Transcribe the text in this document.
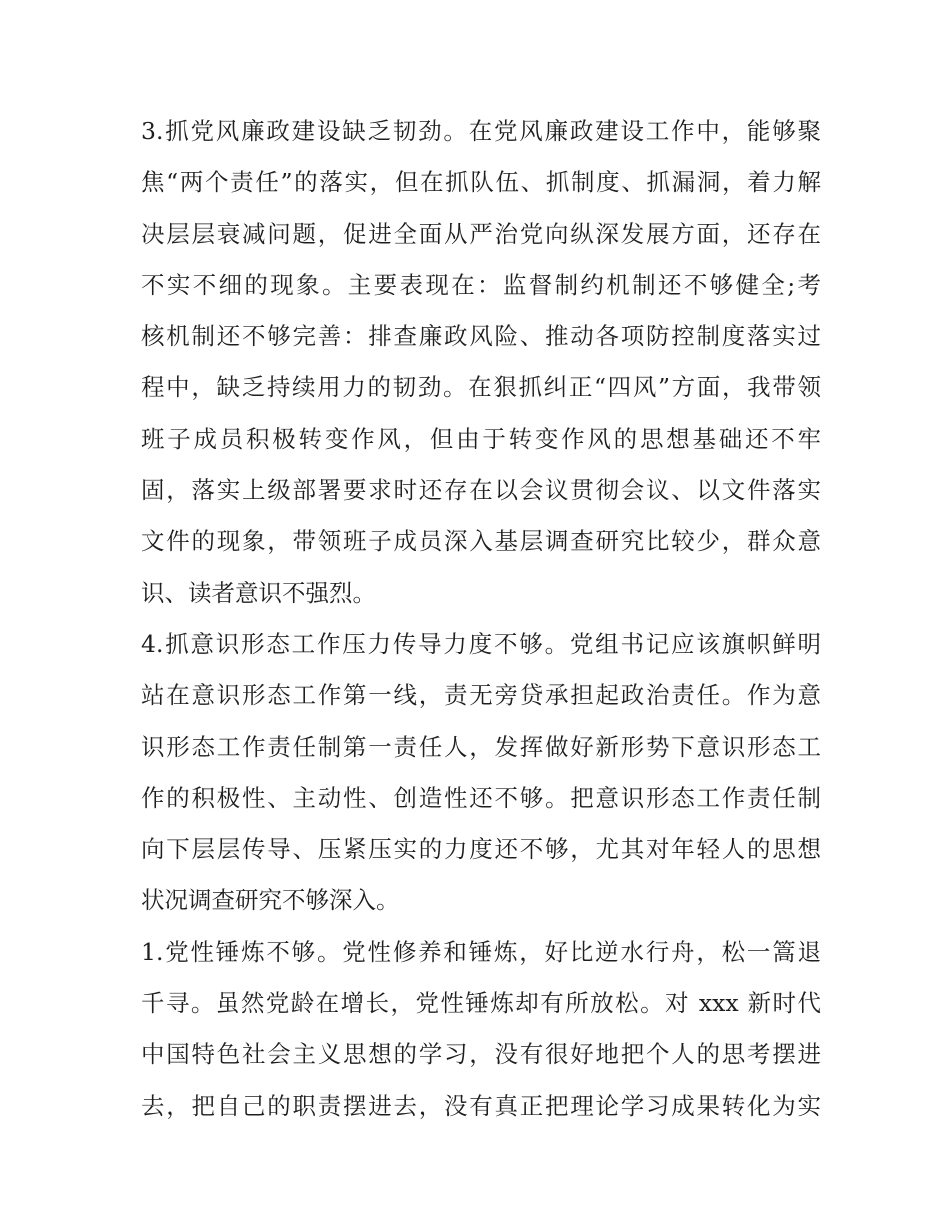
3.抓党风廉政建设缺乏韧劲。在党风廉政建设工作中，能够聚
焦“两个责任”的落实，但在抓队伍、抓制度、抓漏洞，着力解
决层层衰减问题，促进全面从严治党向纵深发展方面，还存在
不实不细的现象。主要表现在：监督制约机制还不够健全;考
核机制还不够完善：排查廉政风险、推动各项防控制度落实过
程中，缺乏持续用力的韧劲。在狠抓纠正“四风”方面，我带领
班子成员积极转变作风，但由于转变作风的思想基础还不牢
固，落实上级部署要求时还存在以会议贯彻会议、以文件落实
文件的现象，带领班子成员深入基层调查研究比较少，群众意
识、读者意识不强烈。
4.抓意识形态工作压力传导力度不够。党组书记应该旗帜鲜明
站在意识形态工作第一线，责无旁贷承担起政治责任。作为意
识形态工作责任制第一责任人，发挥做好新形势下意识形态工
作的积极性、主动性、创造性还不够。把意识形态工作责任制
向下层层传导、压紧压实的力度还不够，尤其对年轻人的思想
状况调查研究不够深入。
1.党性锤炼不够。党性修养和锤炼，好比逆水行舟，松一篙退
千寻。虽然党龄在增长，党性锤炼却有所放松。对 xxx 新时代
中国特色社会主义思想的学习，没有很好地把个人的思考摆进
去，把自己的职责摆进去，没有真正把理论学习成果转化为实
